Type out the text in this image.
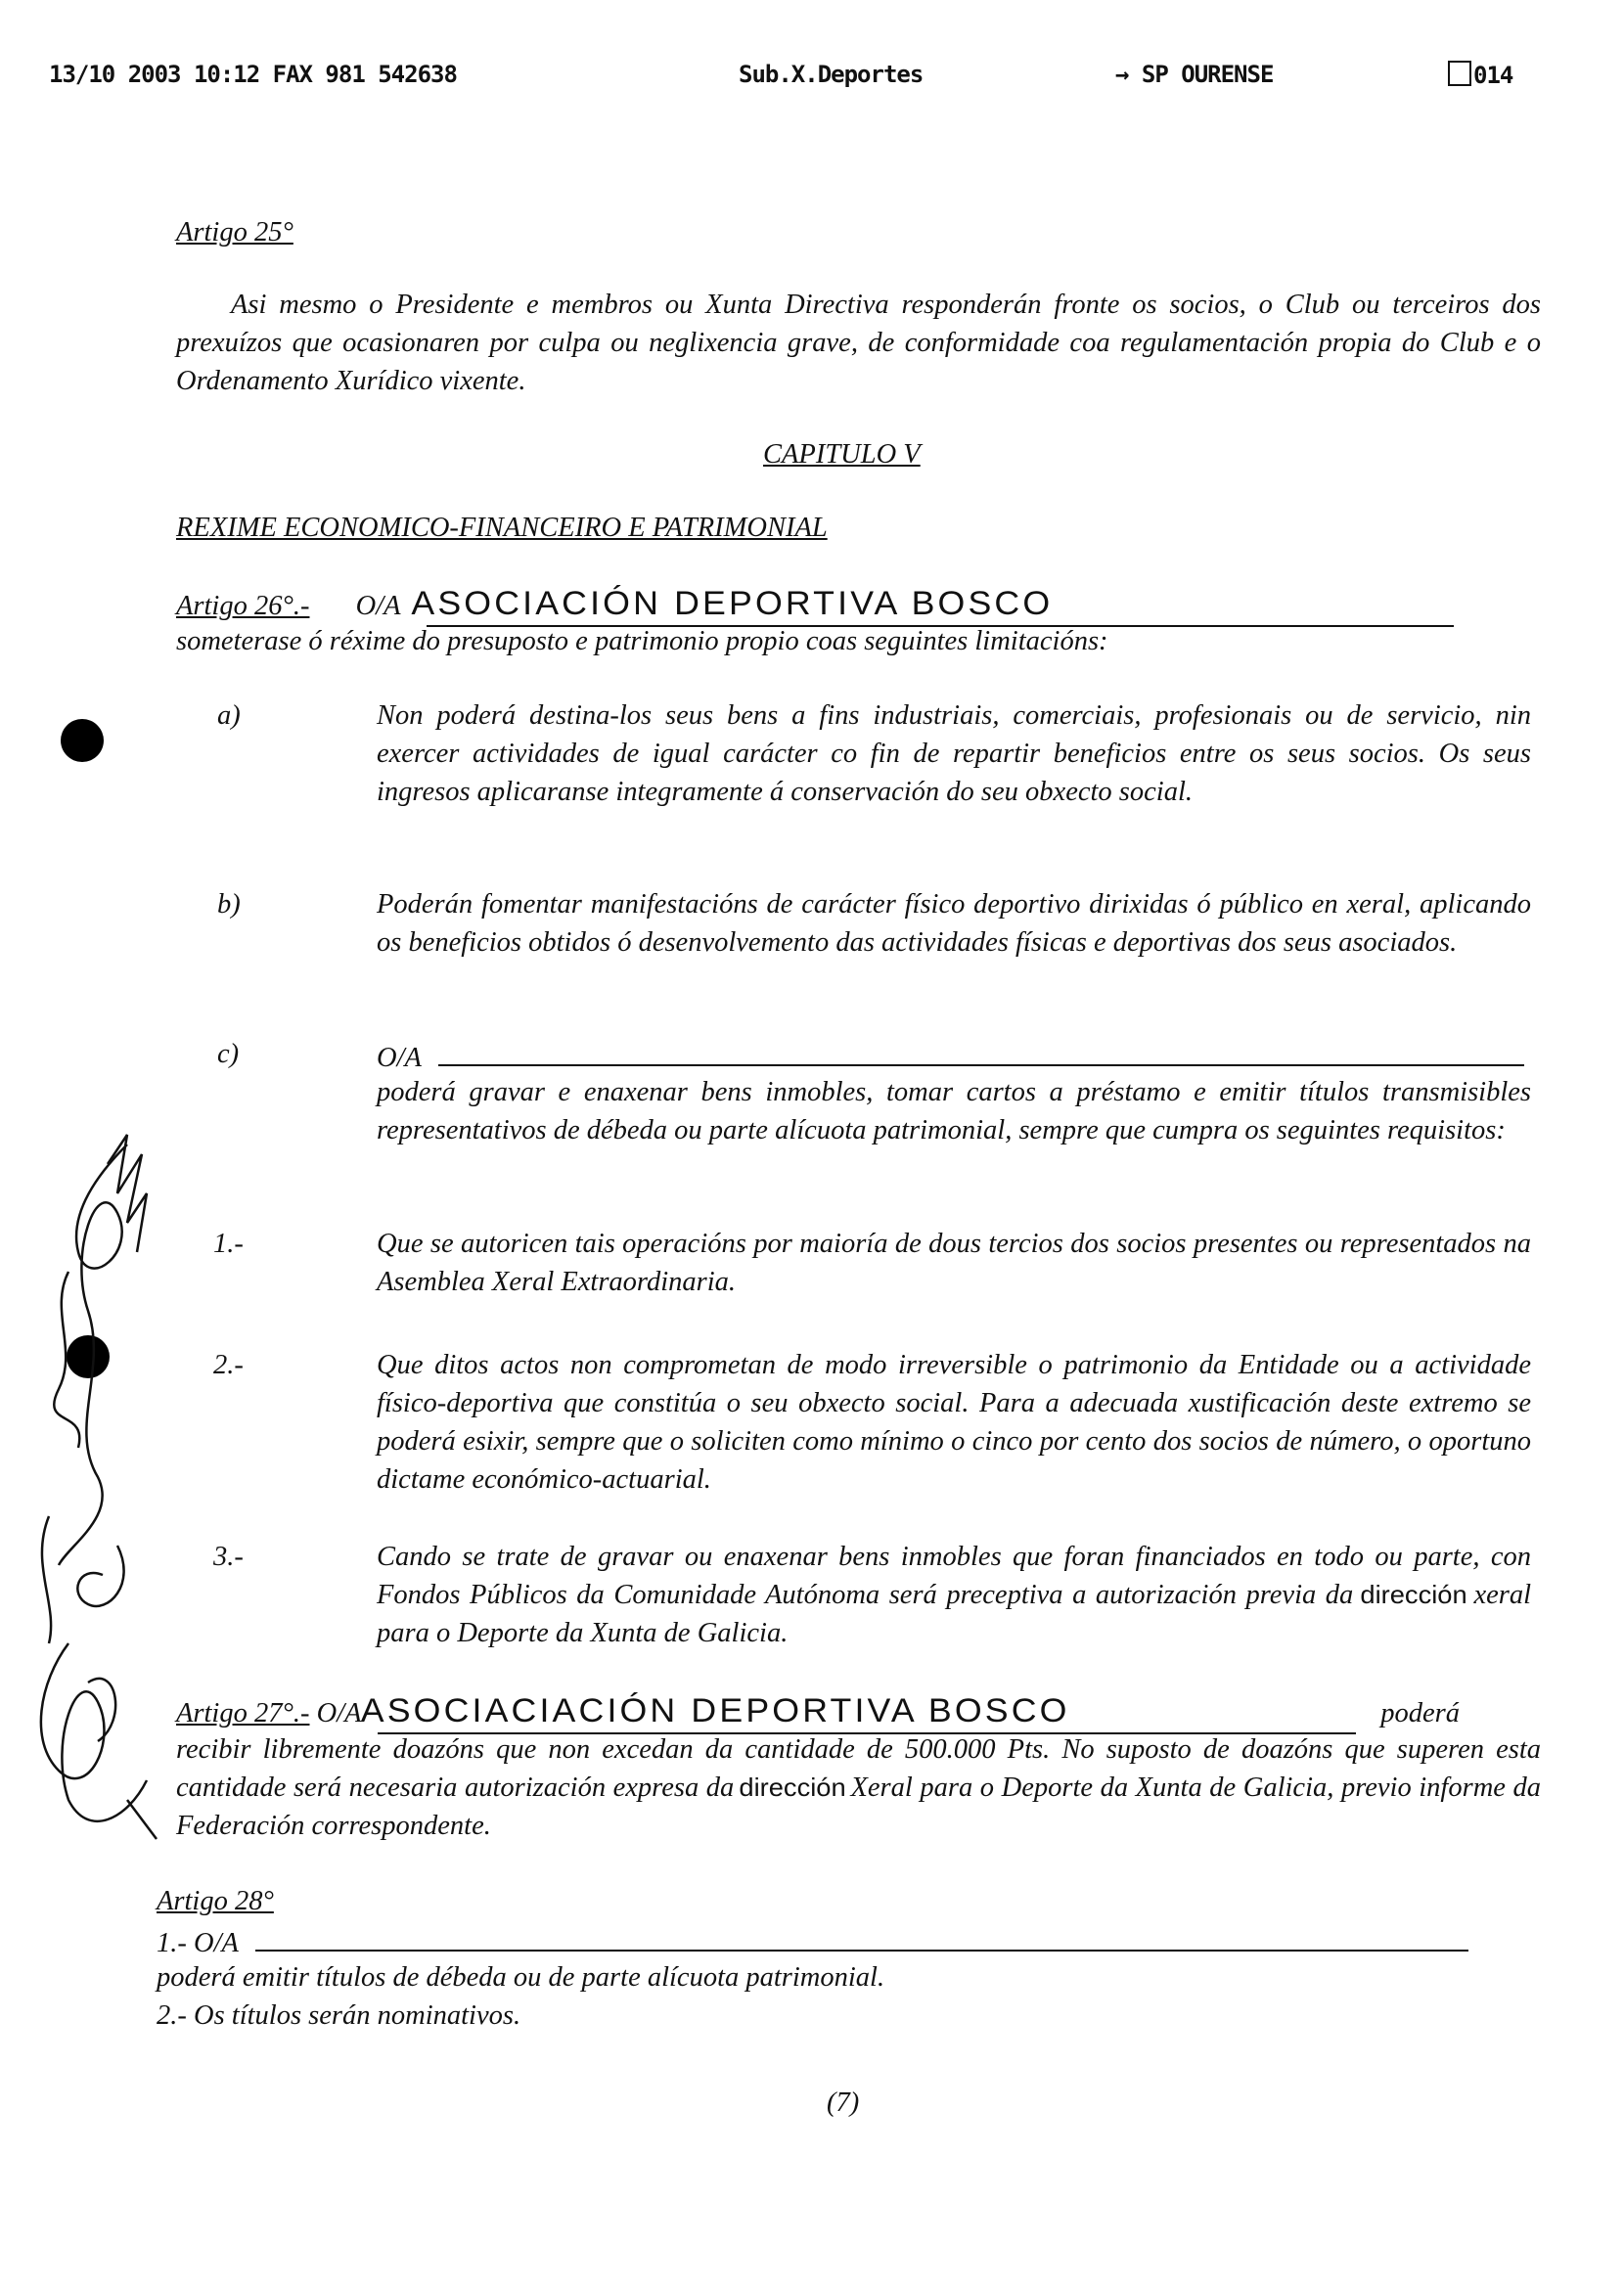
13/10 2003 10:12 FAX 981 542638	Sub.X.Deportes	→ SP OURENSE	014
Artigo 25°
Asi mesmo o Presidente e membros ou Xunta Directiva responderán fronte os socios, o Club ou terceiros dos prexuízos que ocasionaren por culpa ou neglixencia grave, de conformidade coa regulamentación propia do Club e o Ordenamento Xurídico vixente.
CAPITULO V
REXIME ECONOMICO-FINANCEIRO E PATRIMONIAL
Artigo 26°.- O/A ASOCIACIÓN DEPORTIVA BOSCO
someterase ó réxime do presuposto e patrimonio propio coas seguintes limitacións:
a)	Non poderá destina-los seus bens a fins industriais, comerciais, profesionais ou de servicio, nin exercer actividades de igual carácter co fin de repartir beneficios entre os seus socios. Os seus ingresos aplicaranse integramente á conservación do seu obxecto social.
b)	Poderán fomentar manifestacións de carácter físico deportivo dirixidas ó público en xeral, aplicando os beneficios obtidos ó desenvolvemento das actividades físicas e deportivas dos seus asociados.
c)	O/A
poderá gravar e enaxenar bens inmobles, tomar cartos a préstamo e emitir títulos transmisibles representativos de débeda ou parte alícuota patrimonial, sempre que cumpra os seguintes requisitos:
1.-	Que se autoricen tais operacións por maioría de dous tercios dos socios presentes ou representados na Asemblea Xeral Extraordinaria.
2.-	Que ditos actos non comprometan de modo irreversible o patrimonio da Entidade ou a actividade físico-deportiva que constitúa o seu obxecto social. Para a adecuada xustificación deste extremo se poderá esixir, sempre que o soliciten como mínimo o cinco por cento dos socios de número, o oportuno dictame económico-actuarial.
3.-	Cando se trate de gravar ou enaxenar bens inmobles que foran financiados en todo ou parte, con Fondos Públicos da Comunidade Autónoma será preceptiva a autorización previa da dirección xeral para o Deporte da Xunta de Galicia.
Artigo 27°.- O/A ASOCIACIACIÓN DEPORTIVA BOSCO	poderá
recibir libremente doazóns que non excedan da cantidade de 500.000 Pts. No suposto de doazóns que superen esta cantidade será necesaria autorización expresa da dirección Xeral para o Deporte da Xunta de Galicia, previo informe da Federación correspondente.
Artigo 28°
1.- O/A
poderá emitir títulos de débeda ou de parte alícuota patrimonial.
2.- Os títulos serán nominativos.
(7)
